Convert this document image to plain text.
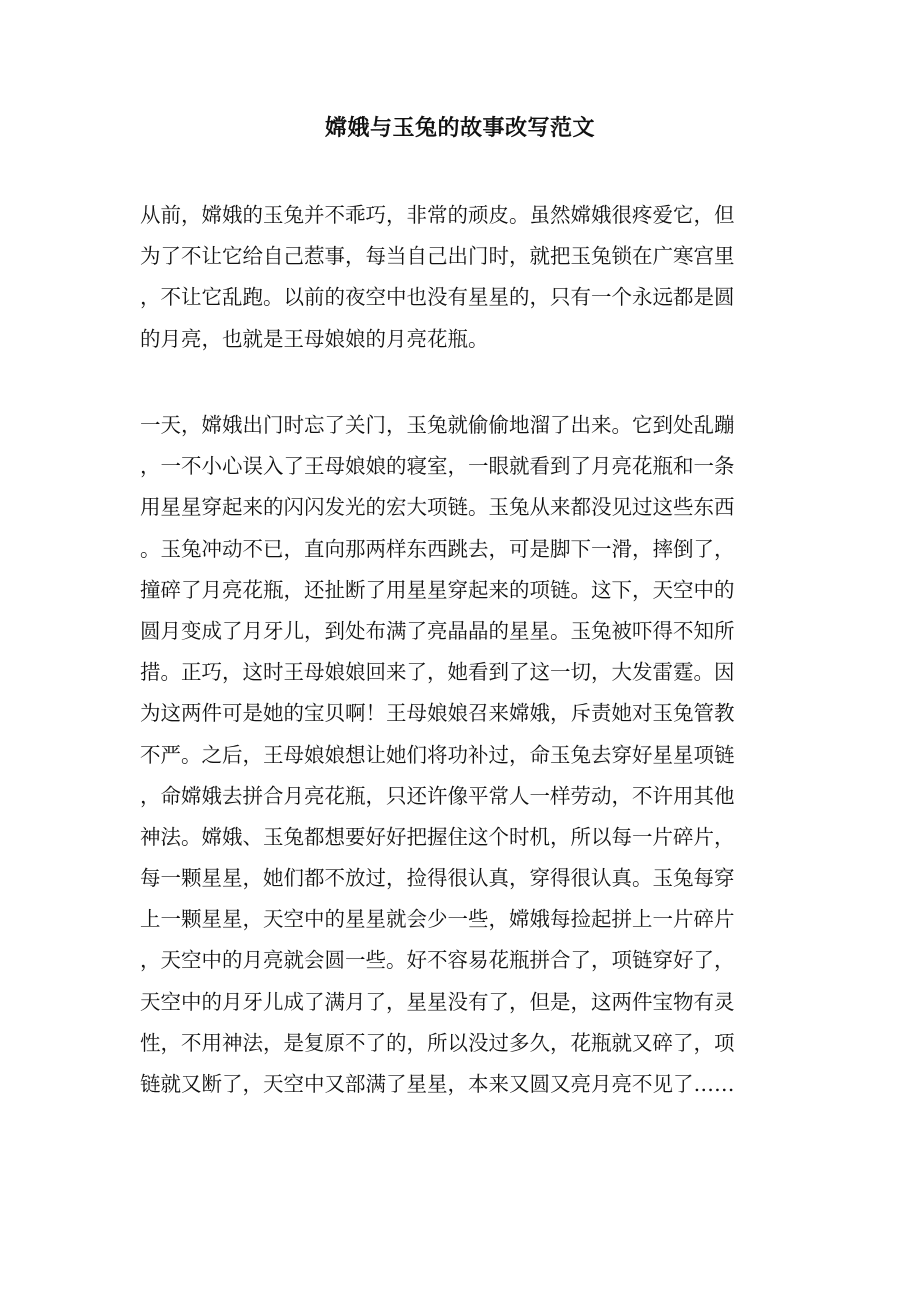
嫦娥与玉兔的故事改写范文

从前，嫦娥的玉兔并不乖巧，非常的顽皮。虽然嫦娥很疼爱它，但
为了不让它给自己惹事，每当自己出门时，就把玉兔锁在广寒宫里
，不让它乱跑。以前的夜空中也没有星星的，只有一个永远都是圆
的月亮，也就是王母娘娘的月亮花瓶。

一天，嫦娥出门时忘了关门，玉兔就偷偷地溜了出来。它到处乱蹦
，一不小心误入了王母娘娘的寝室，一眼就看到了月亮花瓶和一条
用星星穿起来的闪闪发光的宏大项链。玉兔从来都没见过这些东西
。玉兔冲动不已，直向那两样东西跳去，可是脚下一滑，摔倒了，
撞碎了月亮花瓶，还扯断了用星星穿起来的项链。这下，天空中的
圆月变成了月牙儿，到处布满了亮晶晶的星星。玉兔被吓得不知所
措。正巧，这时王母娘娘回来了，她看到了这一切，大发雷霆。因
为这两件可是她的宝贝啊！王母娘娘召来嫦娥，斥责她对玉兔管教
不严。之后，王母娘娘想让她们将功补过，命玉兔去穿好星星项链
，命嫦娥去拼合月亮花瓶，只还许像平常人一样劳动，不许用其他
神法。嫦娥、玉兔都想要好好把握住这个时机，所以每一片碎片，
每一颗星星，她们都不放过，捡得很认真，穿得很认真。玉兔每穿
上一颗星星，天空中的星星就会少一些，嫦娥每捡起拼上一片碎片
，天空中的月亮就会圆一些。好不容易花瓶拼合了，项链穿好了，
天空中的月牙儿成了满月了，星星没有了，但是，这两件宝物有灵
性，不用神法，是复原不了的，所以没过多久，花瓶就又碎了，项
链就又断了，天空中又部满了星星，本来又圆又亮月亮不见了……
